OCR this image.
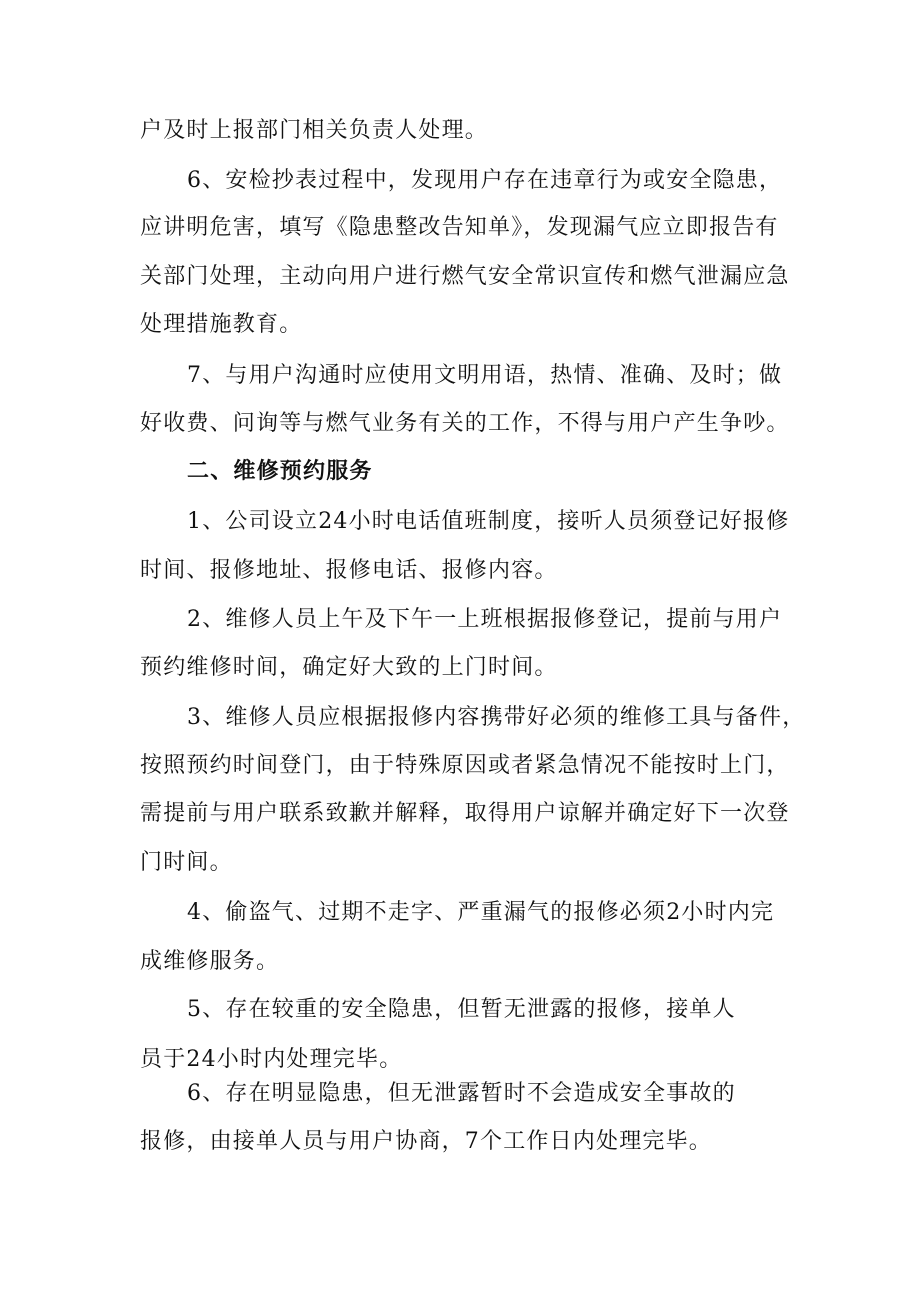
户及时上报部门相关负责人处理。
6、安检抄表过程中，发现用户存在违章行为或安全隐患，
应讲明危害，填写《隐患整改告知单》，发现漏气应立即报告有
关部门处理，主动向用户进行燃气安全常识宣传和燃气泄漏应急
处理措施教育。
7、与用户沟通时应使用文明用语，热情、准确、及时；做
好收费、问询等与燃气业务有关的工作，不得与用户产生争吵。
二、维修预约服务
1、公司设立24小时电话值班制度，接听人员须登记好报修
时间、报修地址、报修电话、报修内容。
2、维修人员上午及下午一上班根据报修登记，提前与用户
预约维修时间，确定好大致的上门时间。
3、维修人员应根据报修内容携带好必须的维修工具与备件，
按照预约时间登门，由于特殊原因或者紧急情况不能按时上门，
需提前与用户联系致歉并解释，取得用户谅解并确定好下一次登
门时间。
4、偷盗气、过期不走字、严重漏气的报修必须2小时内完
成维修服务。
5、存在较重的安全隐患，但暂无泄露的报修，接单人
员于24小时内处理完毕。
6、存在明显隐患，但无泄露暂时不会造成安全事故的
报修，由接单人员与用户协商，7个工作日内处理完毕。
